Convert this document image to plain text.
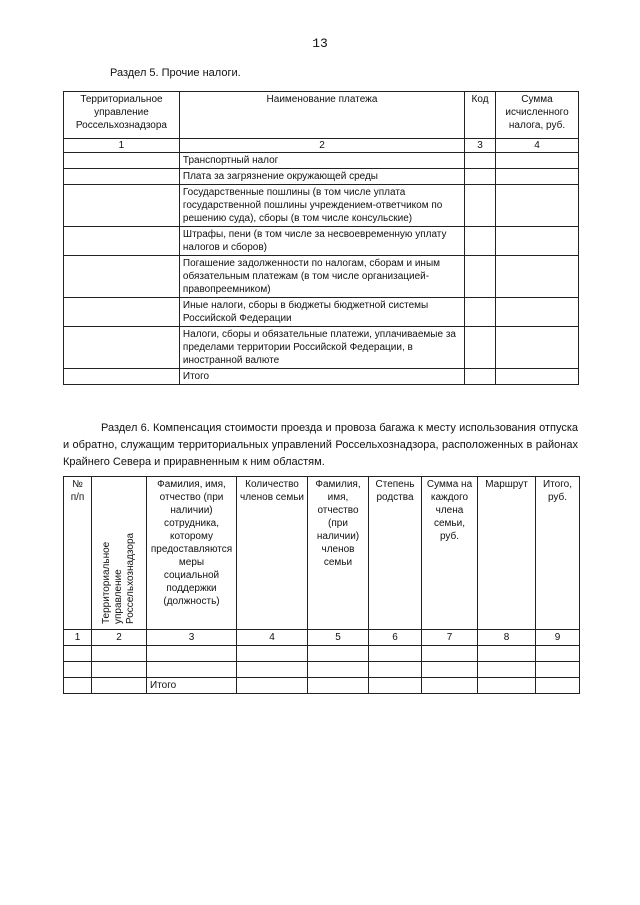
13
Раздел 5. Прочие налоги.
Территориальное управление Россельхознадзора	Наименование платежа	Код	Сумма исчисленного налога, руб.
1	2	3	4
	Транспортный налог		
	Плата за загрязнение окружающей среды		
	Государственные пошлины (в том числе уплата государственной пошлины учреждением-ответчиком по решению суда), сборы (в том числе консульские)		
	Штрафы, пени (в том числе за несвоевременную уплату налогов и сборов)		
	Погашение задолженности по налогам, сборам и иным обязательным платежам (в том числе организацией-правопреемником)		
	Иные налоги, сборы в бюджеты бюджетной системы Российской Федерации		
	Налоги, сборы и обязательные платежи, уплачиваемые за пределами территории Российской Федерации, в иностранной валюте		
	Итого		
Раздел 6. Компенсация стоимости проезда и провоза багажа к месту использования отпуска и обратно, служащим территориальных управлений Россельхознадзора, расположенных в районах Крайнего Севера и приравненным к ним областям.
№ п/п	Территориальное управление Россельхознадзора	Фамилия, имя, отчество (при наличии) сотрудника, которому предоставляются меры социальной поддержки (должность)	Количество членов семьи	Фамилия, имя, отчество (при наличии) членов семьи	Степень родства	Сумма на каждого члена семьи, руб.	Маршрут	Итого, руб.
1	2	3	4	5	6	7	8	9

		Итого						
